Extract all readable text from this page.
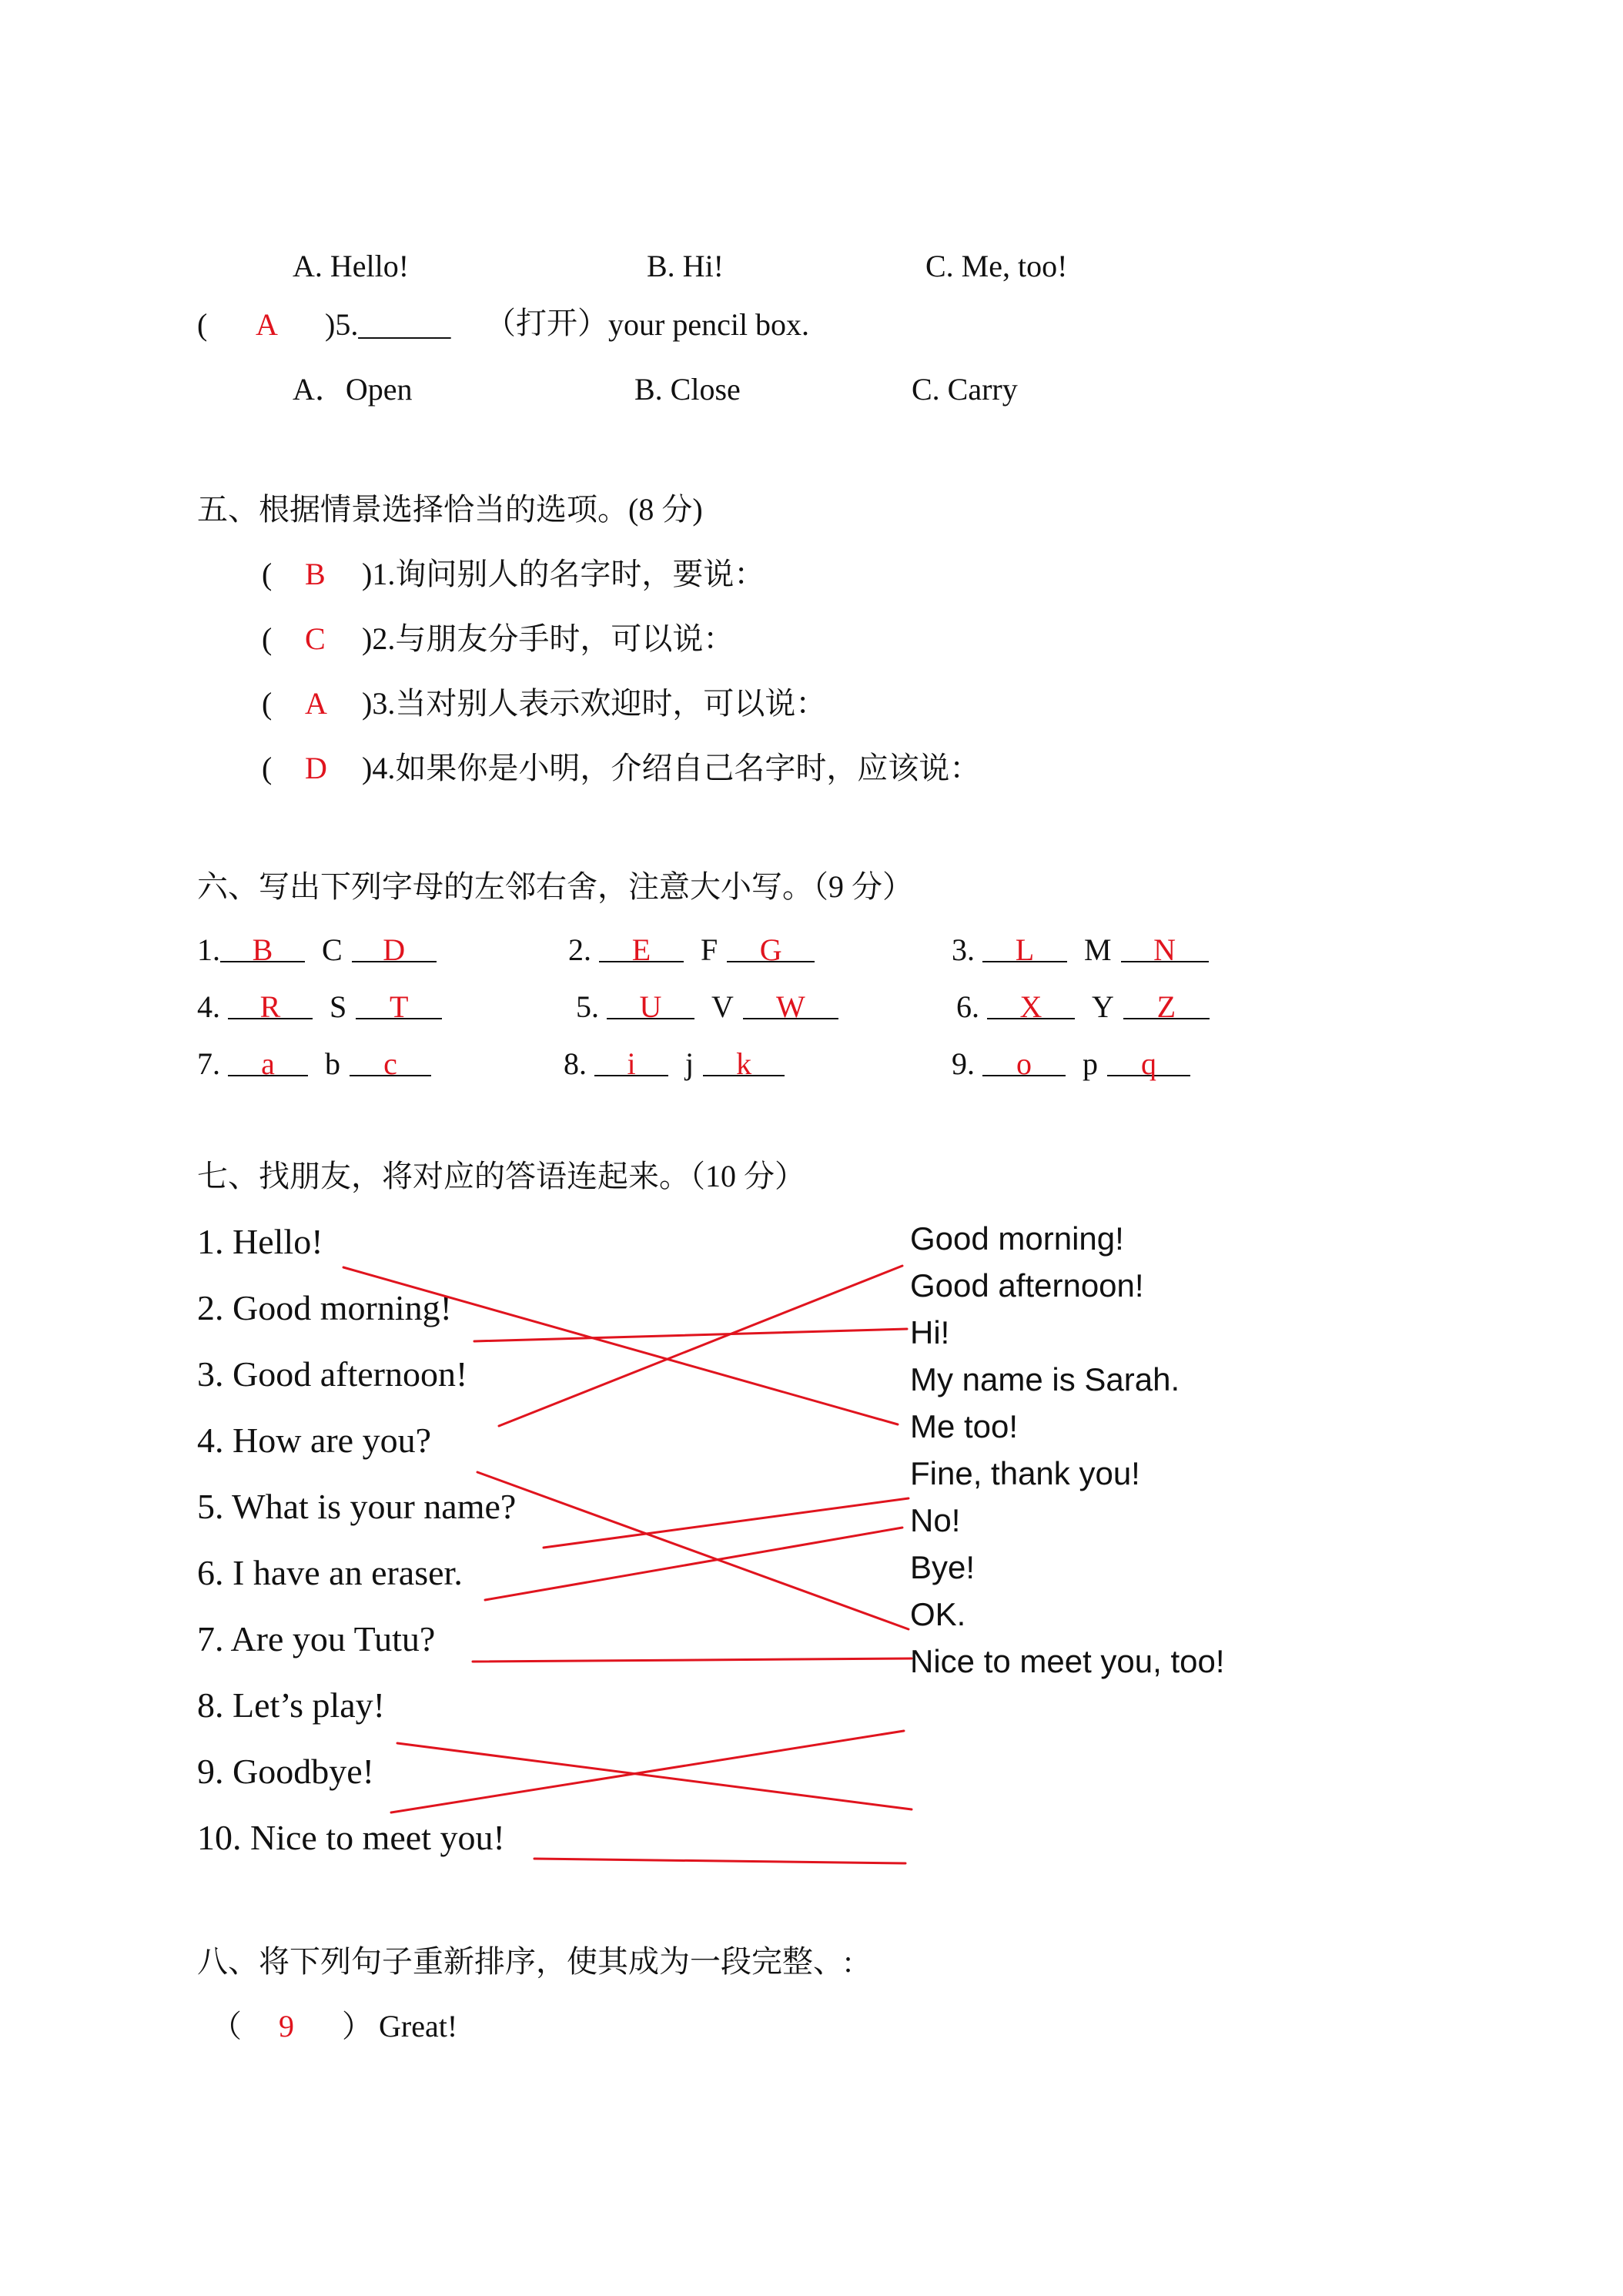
A. Hello!	B. Hi!	C. Me, too!
( A )5.______ （打开） your pencil box.
A．Open	B. Close	C. Carry
五、根据情景选择恰当的选项。(8 分)
( B )1.询问别人的名字时，要说：
( C )2.与朋友分手时，可以说：
( A )3.当对别人表示欢迎时，可以说：
( D )4.如果你是小明，介绍自己名字时，应该说：
六、写出下列字母的左邻右舍，注意大小写。（9 分）
1. B C D	2. E F G	3. L M N
4. R S T	5. U V W	6. X Y Z
7. a b c	8. i j k	9. o p q
七、找朋友，将对应的答语连起来。（10 分）
1. Hello!
2. Good morning!
3. Good afternoon!
4. How are you?
5. What is your name?
6. I have an eraser.
7. Are you Tutu?
8. Let’s play!
9. Goodbye!
10. Nice to meet you!
Good morning!
Good afternoon!
Hi!
My name is Sarah.
Me too!
Fine, thank you!
No!
Bye!
OK.
Nice to meet you, too!
八、将下列句子重新排序，使其成为一段完整、:
（ 9 ） Great!
